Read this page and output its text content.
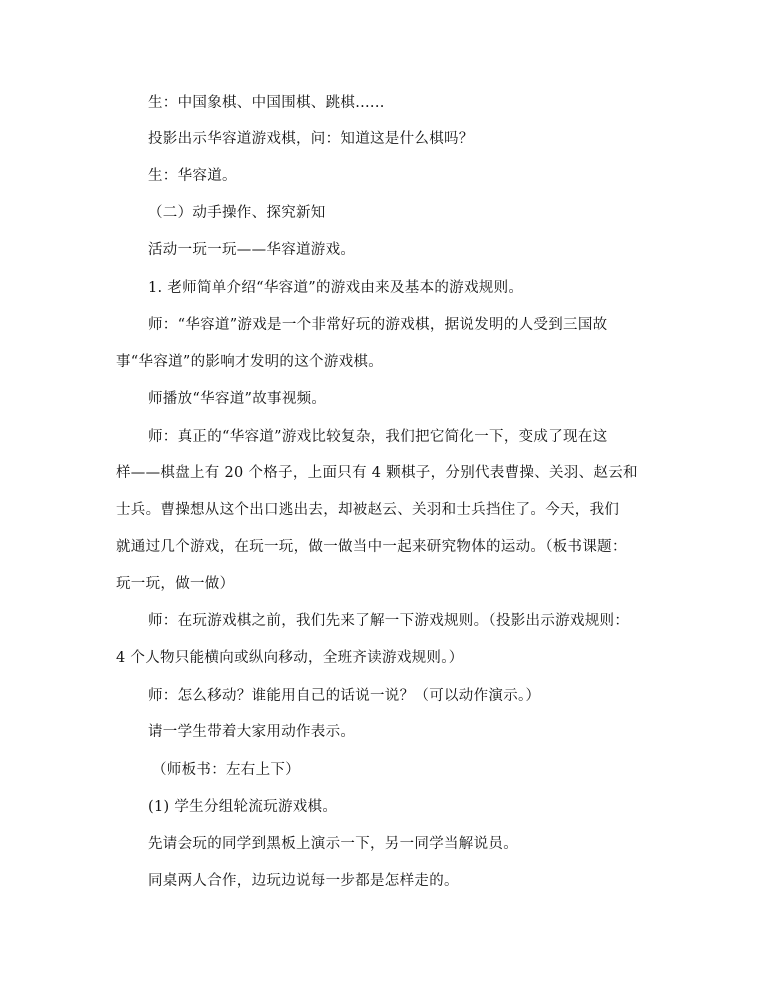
生：中国象棋、中国围棋、跳棋......
投影出示华容道游戏棋，问：知道这是什么棋吗？
生：华容道。
（二）动手操作、探究新知
活动一玩一玩——华容道游戏。
1. 老师简单介绍“华容道”的游戏由来及基本的游戏规则。
师：“华容道”游戏是一个非常好玩的游戏棋，据说发明的人受到三国故
事“华容道”的影响才发明的这个游戏棋。
师播放“华容道”故事视频。
师：真正的“华容道”游戏比较复杂，我们把它简化一下，变成了现在这
样——棋盘上有 20 个格子，上面只有 4 颗棋子，分别代表曹操、关羽、赵云和
士兵。曹操想从这个出口逃出去，却被赵云、关羽和士兵挡住了。今天，我们
就通过几个游戏，在玩一玩，做一做当中一起来研究物体的运动。（板书课题：
玩一玩，做一做）
师：在玩游戏棋之前，我们先来了解一下游戏规则。（投影出示游戏规则：
4 个人物只能横向或纵向移动，全班齐读游戏规则。）
师：怎么移动？谁能用自己的话说一说？（可以动作演示。）
请一学生带着大家用动作表示。
（师板书：左右上下）
(1) 学生分组轮流玩游戏棋。
先请会玩的同学到黑板上演示一下，另一同学当解说员。
同桌两人合作，边玩边说每一步都是怎样走的。
